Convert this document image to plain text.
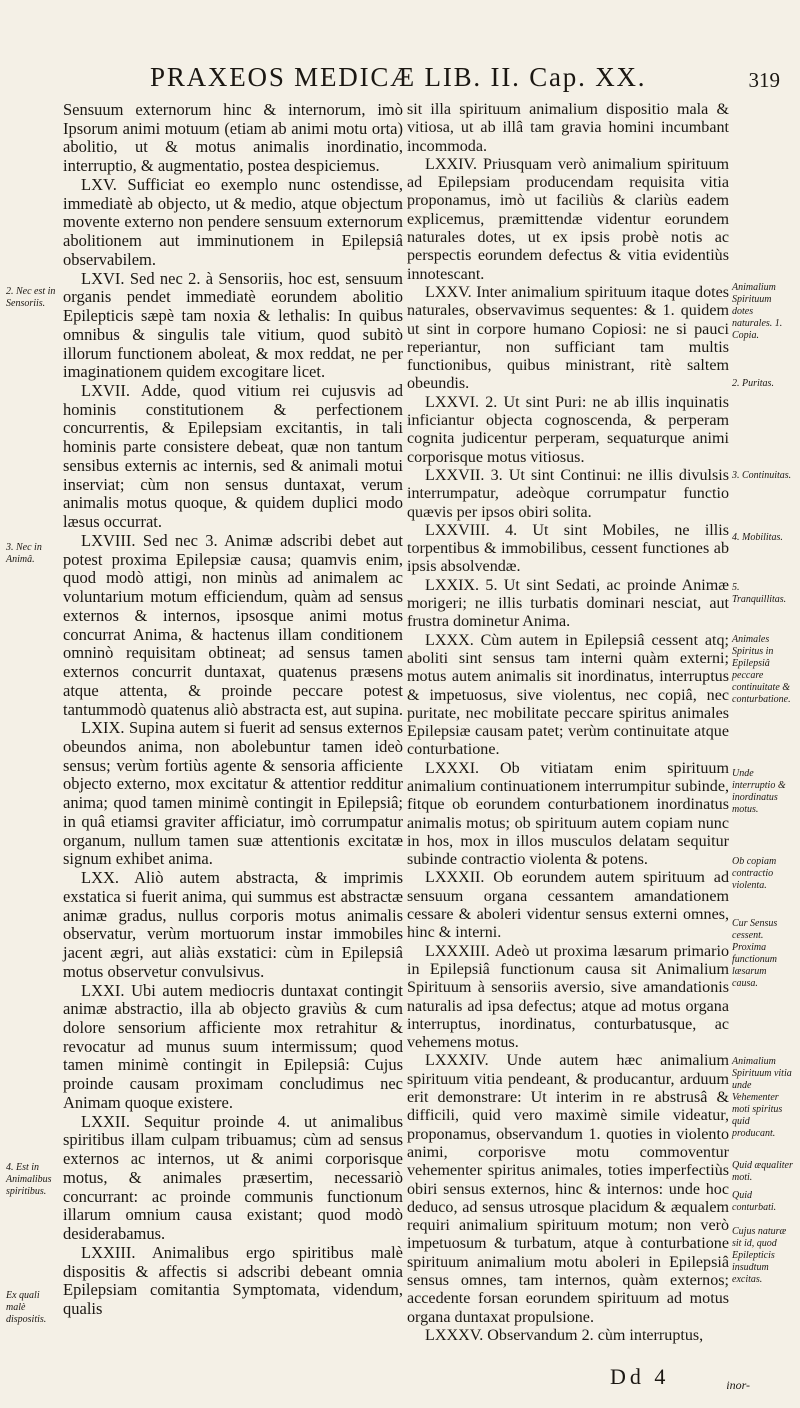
PRAXEOS MEDICÆ LIB. II. Cap. XX.	319

Sensuum externorum hinc & internorum, imò Ipsorum animi motuum (etiam ab animi motu orta) abolitio, ut & motus animalis inordinatio, interruptio, & augmentatio, postea despiciemus.

LXV. Sufficiat eo exemplo nunc ostendisse, immediatè ab objecto, ut & medio, atque objectum movente externo non pendere sensuum externorum abolitionem aut imminutionem in Epilepsiâ observabilem.

LXVI. Sed nec 2. à Sensoriis, hoc est, sensuum organis pendet immediatè eorundem abolitio Epilepticis sæpè tam noxia & lethalis: In quibus omnibus & singulis tale vitium, quod subitò illorum functionem aboleat, & mox reddat, ne per imaginationem quidem excogitare licet.

LXVII. Adde, quod vitium rei cujusvis ad hominis constitutionem & perfectionem concurrentis, & Epilepsiam excitantis, in tali hominis parte consistere debeat, quæ non tantum sensibus externis ac internis, sed & animali motui inserviat; cùm non sensus duntaxat, verum animalis motus quoque, & quidem duplici modo læsus occurrat.

LXVIII. Sed nec 3. Animæ adscribi debet aut potest proxima Epilepsiæ causa; quamvis enim, quod modò attigi, non minùs ad animalem ac voluntarium motum efficiendum, quàm ad sensus externos & internos, ipsosque animi motus concurrat Anima, & hactenus illam conditionem omninò requisitam obtineat; ad sensus tamen externos concurrit duntaxat, quatenus præsens atque attenta, & proinde peccare potest tantummodò quatenus aliò abstracta est, aut supina.

LXIX. Supina autem si fuerit ad sensus externos obeundos anima, non abolebuntur tamen ideò sensus; verùm fortiùs agente & sensoria afficiente objecto externo, mox excitatur & attentior redditur anima; quod tamen minimè contingit in Epilepsiâ; in quâ etiamsi graviter afficiatur, imò corrumpatur organum, nullum tamen suæ attentionis excitatæ signum exhibet anima.

LXX. Aliò autem abstracta, & imprimis exstatica si fuerit anima, qui summus est abstractæ animæ gradus, nullus corporis motus animalis observatur, verùm mortuorum instar immobiles jacent ægri, aut aliàs exstatici: cùm in Epilepsiâ motus observetur convulsivus.

LXXI. Ubi autem mediocris duntaxat contingit animæ abstractio, illa ab objecto graviùs & cum dolore sensorium afficiente mox retrahitur & revocatur ad munus suum intermissum; quod tamen minimè contingit in Epilepsiâ: Cujus proinde causam proximam concludimus nec Animam quoque existere.

LXXII. Sequitur proinde 4. ut animalibus spiritibus illam culpam tribuamus; cùm ad sensus externos ac internos, ut & animi corporisque motus, & animales præsertim, necessariò concurrant: ac proinde communis functionum illarum omnium causa existant; quod modò desiderabamus.

LXXIII. Animalibus ergo spiritibus malè dispositis & affectis si adscribi debeant omnia Epilepsiam comitantia Symptomata, videndum, qualis

sit illa spirituum animalium dispositio mala & vitiosa, ut ab illâ tam gravia homini incumbant incommoda.

LXXIV. Priusquam verò animalium spirituum ad Epilepsiam producendam requisita vitia proponamus, imò ut faciliùs & clariùs eadem explicemus, præmittendæ videntur eorundem naturales dotes, ut ex ipsis probè notis ac perspectis eorundem defectus & vitia evidentiùs innotescant.

LXXV. Inter animalium spirituum itaque dotes naturales, observavimus sequentes: & 1. quidem ut sint in corpore humano Copiosi: ne si pauci reperiantur, non sufficiant tam multis functionibus, quibus ministrant, ritè saltem obeundis.

LXXVI. 2. Ut sint Puri: ne ab illis inquinatis inficiantur objecta cognoscenda, & perperam cognita judicentur perperam, sequaturque animi corporisque motus vitiosus.

LXXVII. 3. Ut sint Continui: ne illis divulsis interrumpatur, adeòque corrumpatur functio quævis per ipsos obiri solita.

LXXVIII. 4. Ut sint Mobiles, ne illis torpentibus & immobilibus, cessent functiones ab ipsis absolvendæ.

LXXIX. 5. Ut sint Sedati, ac proinde Animæ morigeri; ne illis turbatis dominari nesciat, aut frustra dominetur Anima.

LXXX. Cùm autem in Epilepsiâ cessent atq; aboliti sint sensus tam interni quàm externi; motus autem animalis sit inordinatus, interruptus & impetuosus, sive violentus, nec copiâ, nec puritate, nec mobilitate peccare spiritus animales Epilepsiæ causam patet; verùm continuitate atque conturbatione.

LXXXI. Ob vitiatam enim spirituum animalium continuationem interrumpitur subinde, fitque ob eorundem conturbationem inordinatus animalis motus; ob spirituum autem copiam nunc in hos, mox in illos musculos delatam sequitur subinde contractio violenta & potens.

LXXXII. Ob eorundem autem spirituum ad sensuum organa cessantem amandationem cessare & aboleri videntur sensus externi omnes, hinc & interni.

LXXXIII. Adeò ut proxima læsarum primario in Epilepsiâ functionum causa sit Animalium Spirituum à sensoriis aversio, sive amandationis naturalis ad ipsa defectus; atque ad motus organa interruptus, inordinatus, conturbatusque, ac vehemens motus.

LXXXIV. Unde autem hæc animalium spirituum vitia pendeant, & producantur, arduum erit demonstrare: Ut interim in re abstrusâ & difficili, quid vero maximè simile videatur, proponamus, observandum 1. quoties in violento animi, corporisve motu commoventur vehementer spiritus animales, toties imperfectiùs obiri sensus externos, hinc & internos: unde hoc deduco, ad sensus utrosque placidum & æqualem requiri animalium spirituum motum; non verò impetuosum & turbatum, atque à conturbatione spirituum animalium motu aboleri in Epilepsiâ sensus omnes, tam internos, quàm externos; accedente forsan eorundem spirituum ad motus organa duntaxat propulsione.

LXXXV. Observandum 2. cùm interruptus,

2. Nec est in Sensoriis.
3. Nec in Animâ.
4. Est in Animalibus spiritibus.
Ex quali malè dispositis.
Animalium Spirituum dotes naturales. 1. Copia.
2. Puritas.
3. Continuitas.
4. Mobilitas.
5. Tranquillitas.
Animales Spiritus in Epilepsiâ peccare continuitate & conturbatione.
Unde interruptio & inordinatus motus.
Ob copiam contractio violenta.
Cur Sensus cessent. Proxima functionum læsarum causa.
Animalium Spirituum vitia unde Vehementer moti spiritus quid producant.
Quid æqualiter moti.
Quid conturbati.
Cujus naturæ sit id, quod Epilepticis insudtum excitas.
Dd 4	inor-
